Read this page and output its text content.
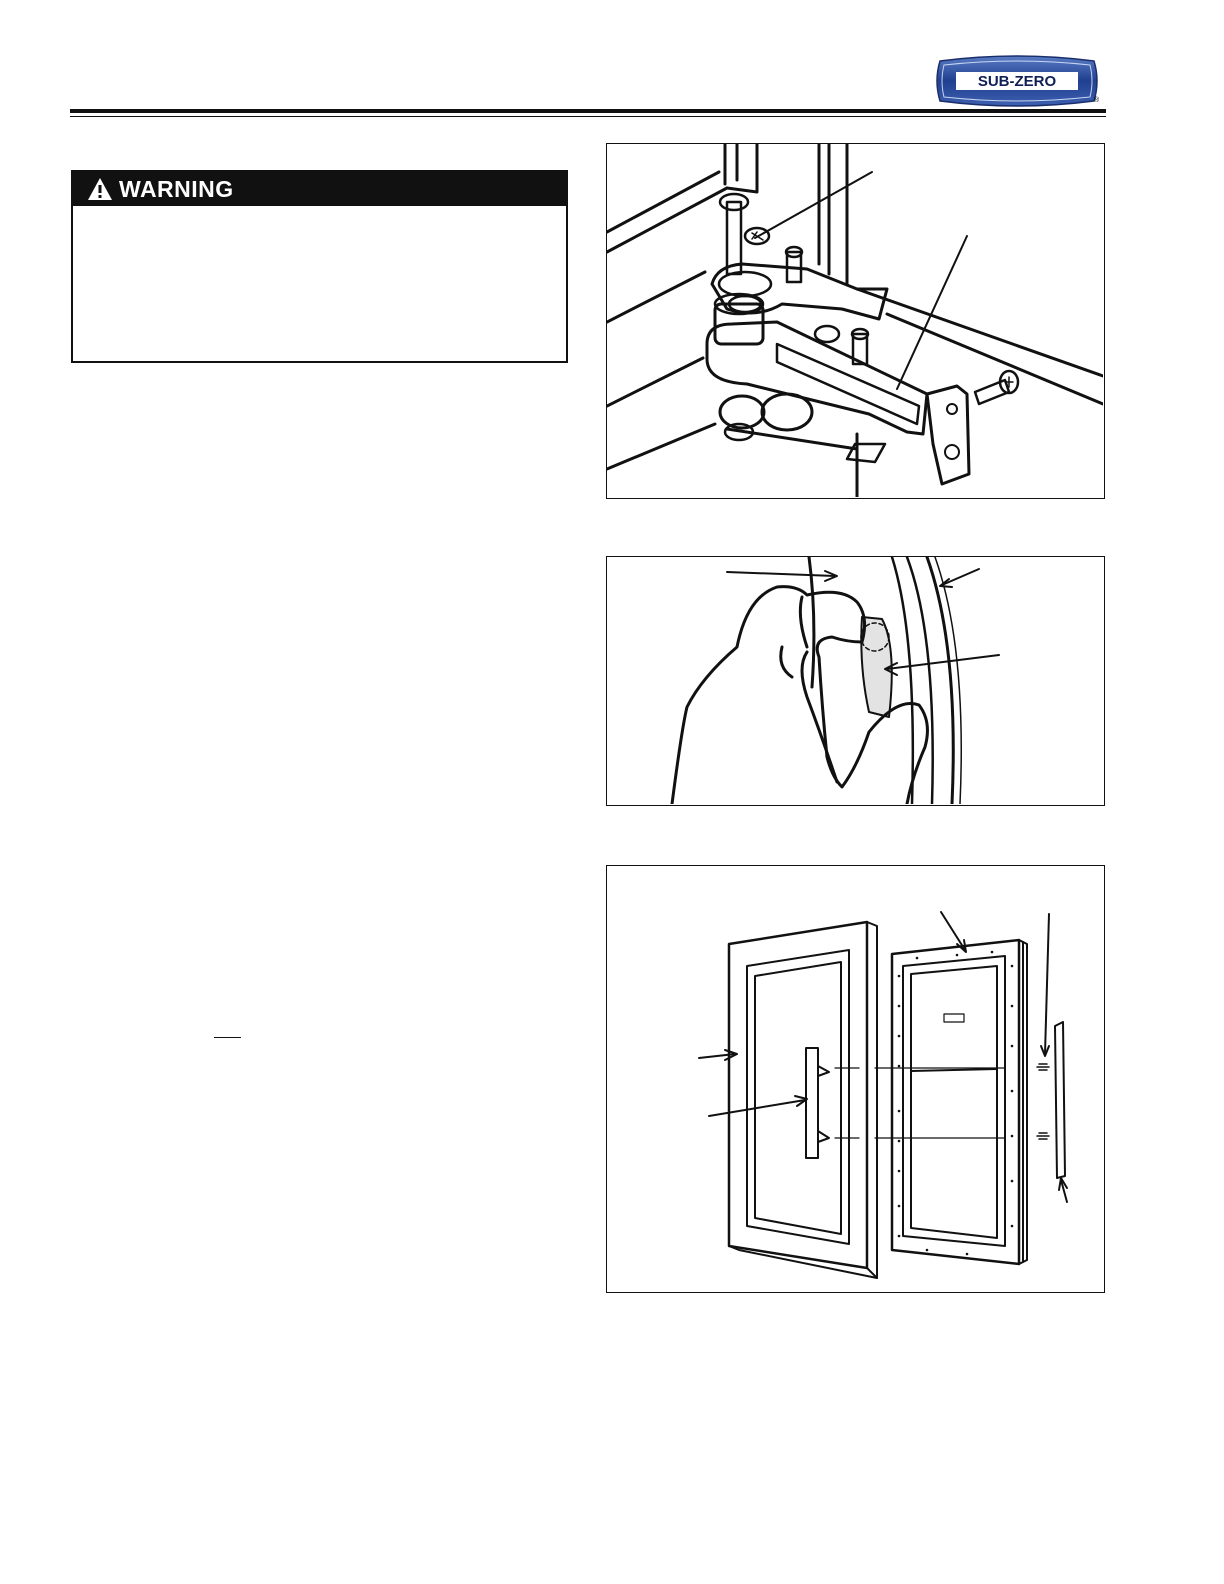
SUB-ZERO
®
WARNING
